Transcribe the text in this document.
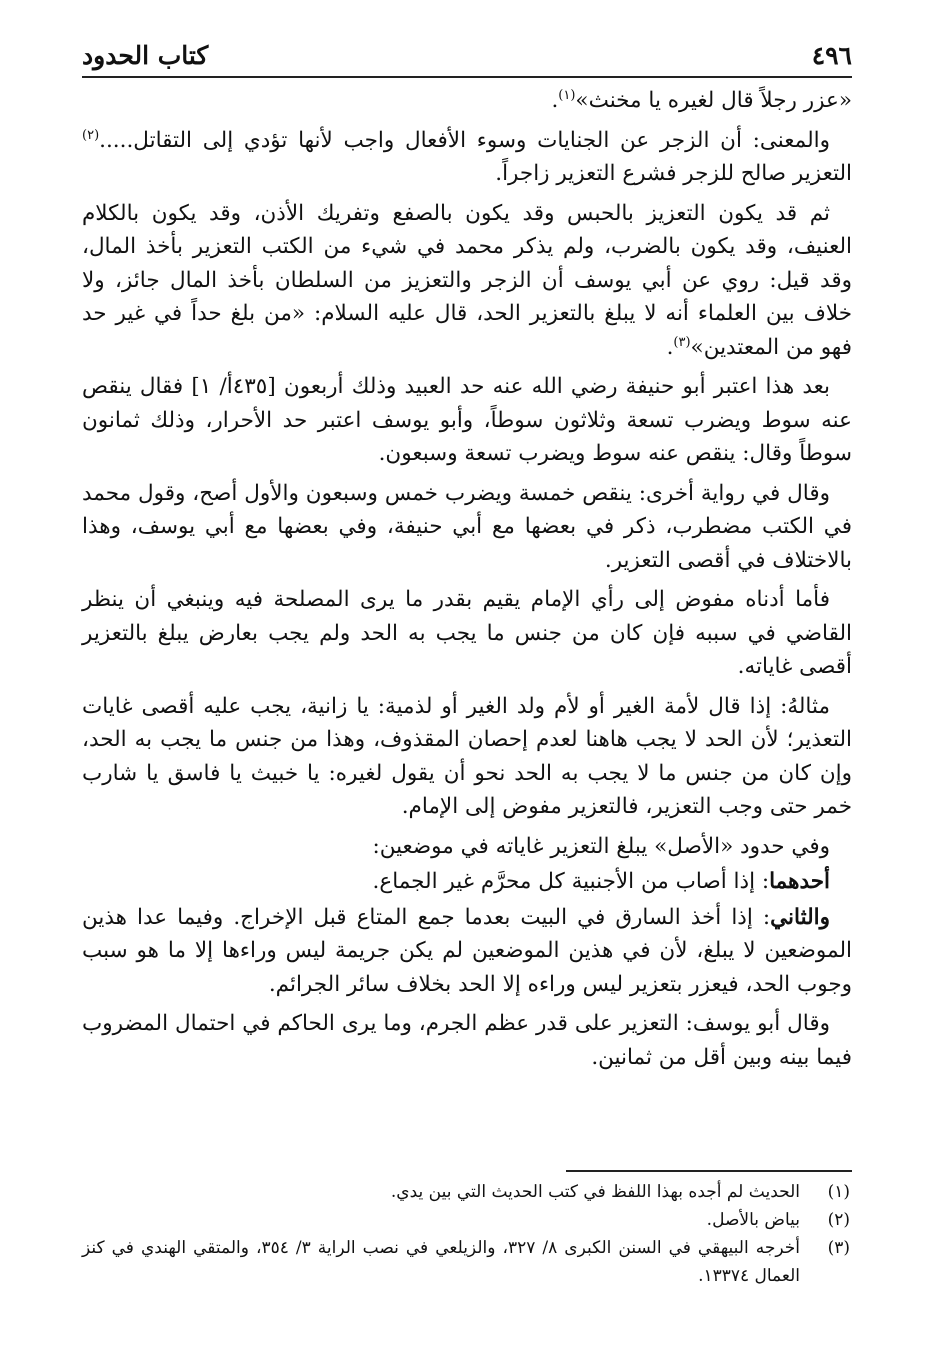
٤٩٦
كتاب الحدود

«عزر رجلاً قال لغيره يا مخنث»$^{(١)}$.

والمعنى: أن الزجر عن الجنايات وسوء الأفعال واجب لأنها تؤدي إلى التقاتل.....$^{(٢)}$ التعزير صالح للزجر فشرع التعزير زاجراً.

ثم قد يكون التعزيز بالحبس وقد يكون بالصفع وتفريك الأذن، وقد يكون بالكلام العنيف، وقد يكون بالضرب، ولم يذكر محمد في شيء من الكتب التعزير بأخذ المال، وقد قيل: روي عن أبي يوسف أن الزجر والتعزيز من السلطان بأخذ المال جائز، ولا خلاف بين العلماء أنه لا يبلغ بالتعزير الحد، قال عليه السلام: «من بلغ حداً في غير حد فهو من المعتدين»$^{(٣)}$.

بعد هذا اعتبر أبو حنيفة رضي الله عنه حد العبيد وذلك أربعون [٤٣٥أ/ ١] فقال ينقص عنه سوط ويضرب تسعة وثلاثون سوطاً، وأبو يوسف اعتبر حد الأحرار، وذلك ثمانون سوطاً وقال: ينقص عنه سوط ويضرب تسعة وسبعون.

وقال في رواية أخرى: ينقص خمسة ويضرب خمس وسبعون والأول أصح، وقول محمد في الكتب مضطرب، ذكر في بعضها مع أبي حنيفة، وفي بعضها مع أبي يوسف، وهذا بالاختلاف في أقصى التعزير.

فأما أدناه مفوض إلى رأي الإمام يقيم بقدر ما يرى المصلحة فيه وينبغي أن ينظر القاضي في سببه فإن كان من جنس ما يجب به الحد ولم يجب بعارض يبلغ بالتعزير أقصى غاياته.

مثالهُ: إذا قال لأمة الغير أو لأم ولد الغير أو لذمية: يا زانية، يجب عليه أقصى غايات التعذير؛ لأن الحد لا يجب هاهنا لعدم إحصان المقذوف، وهذا من جنس ما يجب به الحد، وإن كان من جنس ما لا يجب به الحد نحو أن يقول لغيره: يا خبيث يا فاسق يا شارب خمر حتى وجب التعزير، فالتعزير مفوض إلى الإمام.

وفي حدود «الأصل» يبلغ التعزير غاياته في موضعين:

أحدهما: إذا أصاب من الأجنبية كل محرَّم غير الجماع.

والثاني: إذا أخذ السارق في البيت بعدما جمع المتاع قبل الإخراج. وفيما عدا هذين الموضعين لا يبلغ، لأن في هذين الموضعين لم يكن جريمة ليس وراءها إلا ما هو سبب وجوب الحد، فيعزر بتعزير ليس وراءه إلا الحد بخلاف سائر الجرائم.

وقال أبو يوسف: التعزير على قدر عظم الجرم، وما يرى الحاكم في احتمال المضروب فيما بينه وبين أقل من ثمانين.

(١)
الحديث لم أجده بهذا اللفظ في كتب الحديث التي بين يدي.
(٢)
بياض بالأصل.
(٣)
أخرجه البيهقي في السنن الكبرى ٨/ ٣٢٧، والزيلعي في نصب الراية ٣/ ٣٥٤، والمتقي الهندي في كنز العمال ١٣٣٧٤.
